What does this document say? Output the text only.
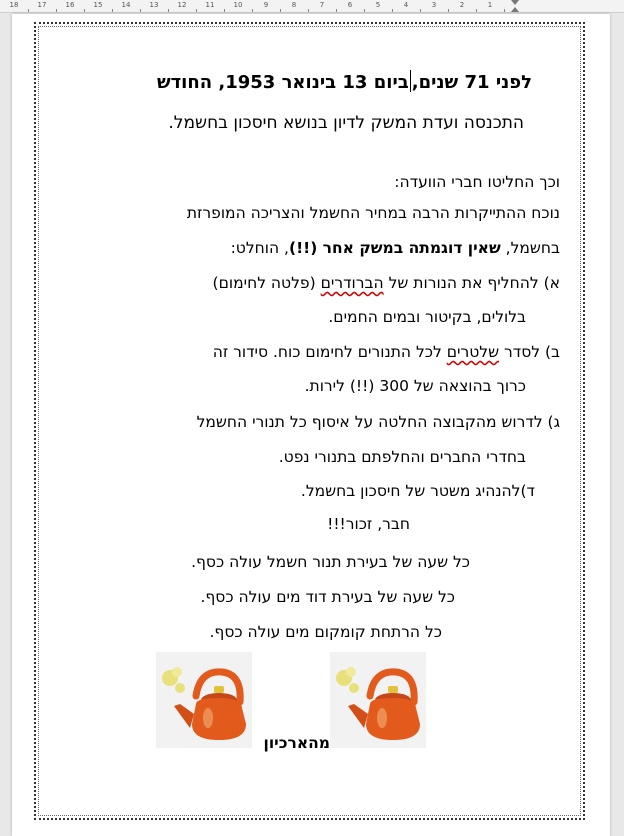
18	17	16	15	14	13	12	11	10	9	8	7	6	5	4	3	2	1
לפני 71 שנים,ביום 13 בינואר 1953, החודש
התכנסה ועדת המשק לדיון בנושא חיסכון בחשמל.
וכך החליטו חברי הוועדה:
נוכח ההתייקרות הרבה במחיר החשמל והצריכה המופרזת
בחשמל, שאין דוגמתה במשק אחר (!!), הוחלט:
א) להחליף את הנורות של הברודרים (פלטה לחימום)
בלולים, בקיטור ובמים החמים.
ב) לסדר שלטרים לכל התנורים לחימום כוח. סידור זה
כרוך בהוצאה של 300 (!!) לירות.
ג) לדרוש מהקבוצה החלטה על איסוף כל תנורי החשמל
בחדרי החברים והחלפתם בתנורי נפט.
ד)להנהיג משטר של חיסכון בחשמל.
חבר, זכור!!!
כל שעה של בעירת תנור חשמל עולה כסף.
כל שעה של בעירת דוד מים עולה כסף.
כל הרתחת קומקום מים עולה כסף.
מהארכיון
